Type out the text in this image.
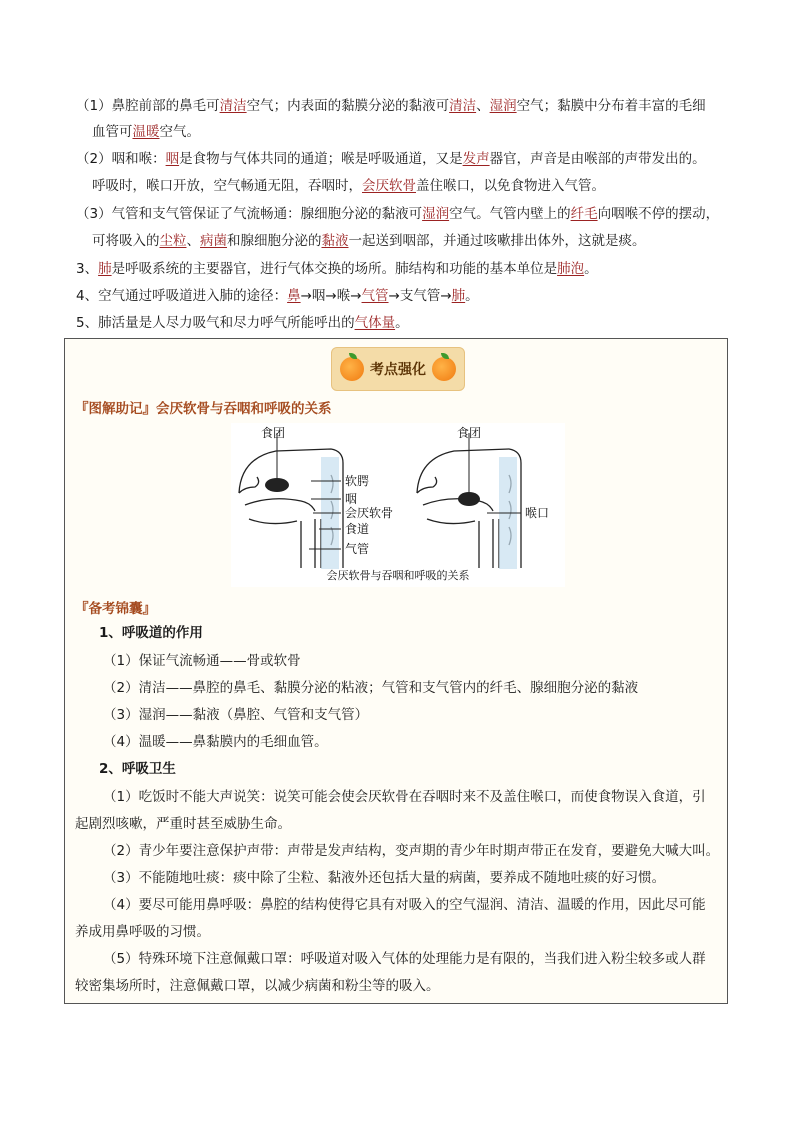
（1）鼻腔前部的鼻毛可清洁空气；内表面的黏膜分泌的黏液可清洁、湿润空气；黏膜中分布着丰富的毛细
血管可温暖空气。
（2）咽和喉：咽是食物与气体共同的通道；喉是呼吸通道，又是发声器官，声音是由喉部的声带发出的。
呼吸时，喉口开放，空气畅通无阻，吞咽时，会厌软骨盖住喉口，以免食物进入气管。
（3）气管和支气管保证了气流畅通：腺细胞分泌的黏液可湿润空气。气管内壁上的纤毛向咽喉不停的摆动，
可将吸入的尘粒、病菌和腺细胞分泌的黏液一起送到咽部，并通过咳嗽排出体外，这就是痰。
3、肺是呼吸系统的主要器官，进行气体交换的场所。肺结构和功能的基本单位是肺泡。
4、空气通过呼吸道进入肺的途径：鼻→咽→喉→气管→支气管→肺。
5、肺活量是人尽力吸气和尽力呼气所能呼出的气体量。
考点强化
『图解助记』会厌软骨与吞咽和呼吸的关系
食团	食团
软腭
咽
会厌软骨
食道
气管
喉口
会厌软骨与吞咽和呼吸的关系
『备考锦囊』
1、呼吸道的作用
（1）保证气流畅通——骨或软骨
（2）清洁——鼻腔的鼻毛、黏膜分泌的粘液；气管和支气管内的纤毛、腺细胞分泌的黏液
（3）湿润——黏液（鼻腔、气管和支气管）
（4）温暖——鼻黏膜内的毛细血管。
2、呼吸卫生
（1）吃饭时不能大声说笑：说笑可能会使会厌软骨在吞咽时来不及盖住喉口，而使食物误入食道，引
起剧烈咳嗽，严重时甚至威胁生命。
（2）青少年要注意保护声带：声带是发声结构，变声期的青少年时期声带正在发育，要避免大喊大叫。
（3）不能随地吐痰：痰中除了尘粒、黏液外还包括大量的病菌，要养成不随地吐痰的好习惯。
（4）要尽可能用鼻呼吸：鼻腔的结构使得它具有对吸入的空气湿润、清洁、温暖的作用，因此尽可能
养成用鼻呼吸的习惯。
（5）特殊环境下注意佩戴口罩：呼吸道对吸入气体的处理能力是有限的，当我们进入粉尘较多或人群
较密集场所时，注意佩戴口罩，以减少病菌和粉尘等的吸入。
